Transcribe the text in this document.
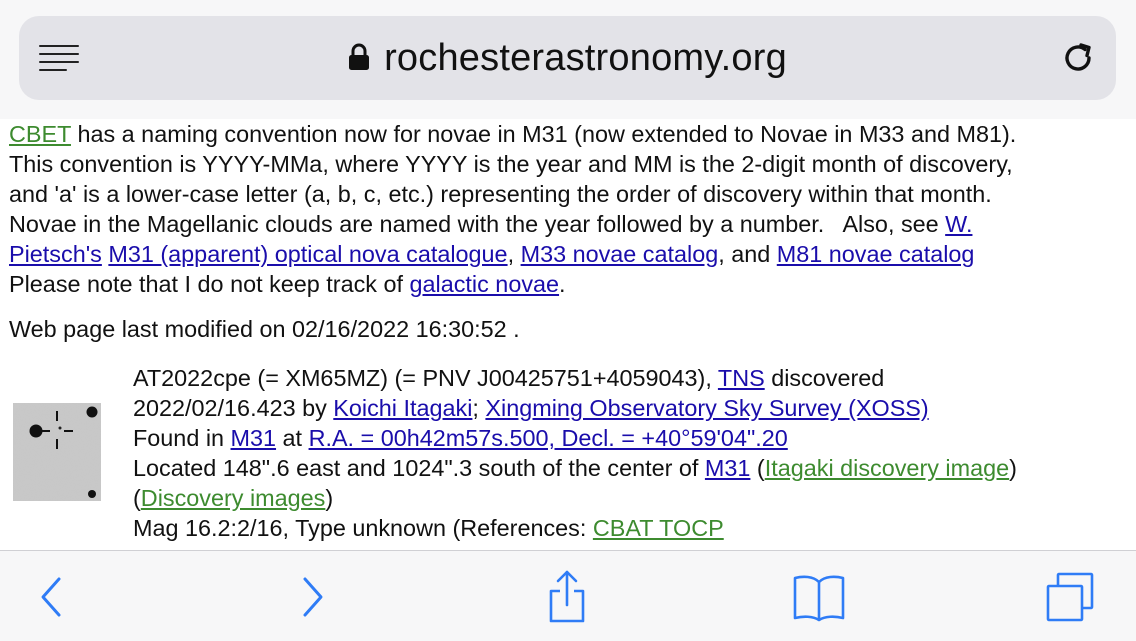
rochesterastronomy.org
CBET has a naming convention now for novae in M31 (now extended to Novae in M33 and M81).
This convention is YYYY-MMa, where YYYY is the year and MM is the 2-digit month of discovery,
and 'a' is a lower-case letter (a, b, c, etc.) representing the order of discovery within that month.
Novae in the Magellanic clouds are named with the year followed by a number.   Also, see W.
Pietsch's M31 (apparent) optical nova catalogue, M33 novae catalog, and M81 novae catalog
Please note that I do not keep track of galactic novae.
Web page last modified on 02/16/2022 16:30:52 .
AT2022cpe (= XM65MZ) (= PNV J00425751+4059043), TNS discovered
2022/02/16.423 by Koichi Itagaki; Xingming Observatory Sky Survey (XOSS)
Found in M31 at R.A. = 00h42m57s.500, Decl. = +40°59'04".20
Located 148".6 east and 1024".3 south of the center of M31 (Itagaki discovery image)
(Discovery images)
Mag 16.2:2/16, Type unknown (References: CBAT TOCP
